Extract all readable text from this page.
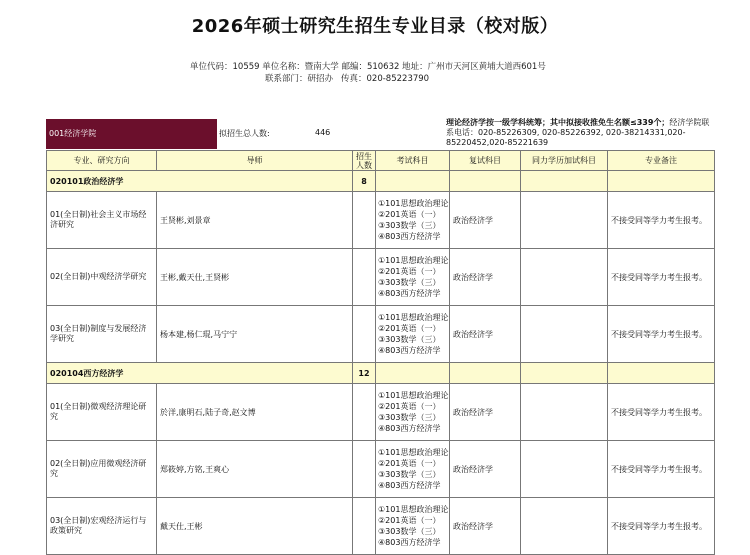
2026年硕士研究生招生专业目录（校对版）
单位代码：10559 单位名称：暨南大学 邮编：510632 地址：广州市天河区黄埔大道西601号
联系部门：研招办 传真：020-85223790
001经济学院	拟招生总人数:	446
理论经济学按一级学科统筹；其中拟接收推免生名额≤339个；经济学院联系电话：020-85226309, 020-85226392, 020-38214331,020-85220452,020-85221639
专业、研究方向	导师	招生人数	考试科目	复试科目	同力学历加试科目	专业备注
020101政治经济学		8				
01(全日制)社会主义市场经济研究	王贤彬,刘景章		①101思想政治理论
②201英语（一）
③303数学（三）
④803西方经济学	政治经济学		不接受同等学力考生报考。
02(全日制)中观经济学研究	王彬,戴天仕,王贤彬		①101思想政治理论
②201英语（一）
③303数学（三）
④803西方经济学	政治经济学		不接受同等学力考生报考。
03(全日制)制度与发展经济学研究	杨本建,杨仁琨,马宁宁		①101思想政治理论
②201英语（一）
③303数学（三）
④803西方经济学	政治经济学		不接受同等学力考生报考。
020104西方经济学		12				
01(全日制)微观经济理论研究	於洋,康明石,陆子奇,赵文博		①101思想政治理论
②201英语（一）
③303数学（三）
④803西方经济学	政治经济学		不接受同等学力考生报考。
02(全日制)应用微观经济研究	郑筱婷,方铭,王爽心		①101思想政治理论
②201英语（一）
③303数学（三）
④803西方经济学	政治经济学		不接受同等学力考生报考。
03(全日制)宏观经济运行与政策研究	戴天仕,王彬		①101思想政治理论
②201英语（一）
③303数学（三）
④803西方经济学	政治经济学		不接受同等学力考生报考。
